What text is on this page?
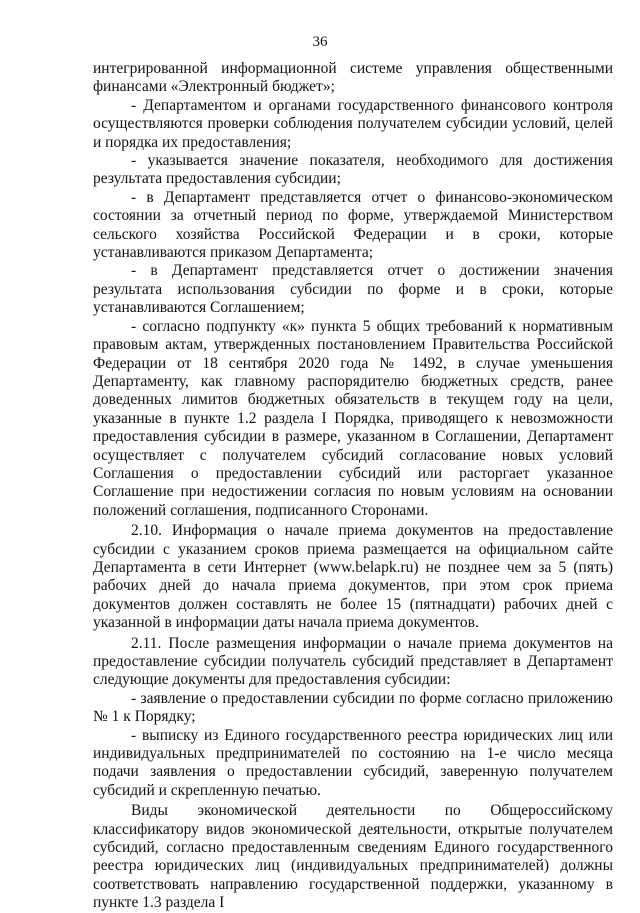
36

интегрированной информационной системе управления общественными финансами «Электронный бюджет»;

- Департаментом и органами государственного финансового контроля осуществляются проверки соблюдения получателем субсидии условий, целей и порядка их предоставления;

- указывается значение показателя, необходимого для достижения результата предоставления субсидии;

- в Департамент представляется отчет о финансово-экономическом состоянии за отчетный период по форме, утверждаемой Министерством сельского хозяйства Российской Федерации и в сроки, которые устанавливаются приказом Департамента;

- в Департамент представляется отчет о достижении значения результата использования субсидии по форме и в сроки, которые устанавливаются Соглашением;

- согласно подпункту «к» пункта 5 общих требований к нормативным правовым актам, утвержденных постановлением Правительства Российской Федерации от 18 сентября 2020 года № 1492, в случае уменьшения Департаменту, как главному распорядителю бюджетных средств, ранее доведенных лимитов бюджетных обязательств в текущем году на цели, указанные в пункте 1.2 раздела I Порядка, приводящего к невозможности предоставления субсидии в размере, указанном в Соглашении, Департамент осуществляет с получателем субсидий согласование новых условий Соглашения о предоставлении субсидий или расторгает указанное Соглашение при недостижении согласия по новым условиям на основании положений соглашения, подписанного Сторонами.

2.10. Информация о начале приема документов на предоставление субсидии с указанием сроков приема размещается на официальном сайте Департамента в сети Интернет (www.belapk.ru) не позднее чем за 5 (пять) рабочих дней до начала приема документов, при этом срок приема документов должен составлять не более 15 (пятнадцати) рабочих дней с указанной в информации даты начала приема документов.

2.11. После размещения информации о начале приема документов на предоставление субсидии получатель субсидий представляет в Департамент следующие документы для предоставления субсидии:

- заявление о предоставлении субсидии по форме согласно приложению № 1 к Порядку;

- выписку из Единого государственного реестра юридических лиц или индивидуальных предпринимателей по состоянию на 1-е число месяца подачи заявления о предоставлении субсидий, заверенную получателем субсидий и скрепленную печатью.

Виды экономической деятельности по Общероссийскому классификатору видов экономической деятельности, открытые получателем субсидий, согласно предоставленным сведениям Единого государственного реестра юридических лиц (индивидуальных предпринимателей) должны соответствовать направлению государственной поддержки, указанному в пункте 1.3 раздела I
